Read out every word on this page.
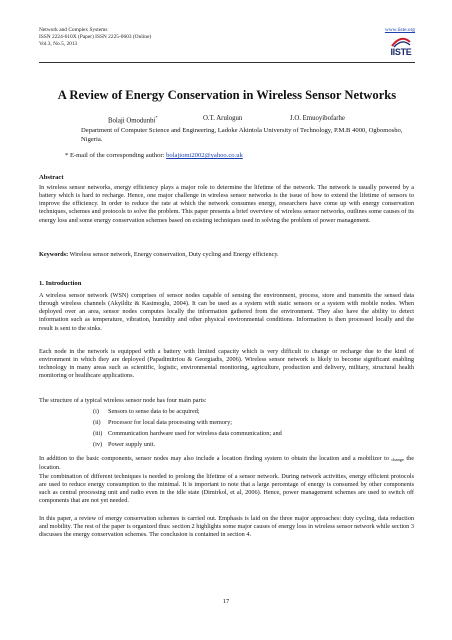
Network and Complex Systems
ISSN 2224-610X (Paper) ISSN 2225-0603 (Online)
Vol.3, No.5, 2013
www.iiste.org
IISTE
A Review of Energy Conservation in Wireless Sensor Networks
Bolaji Omodunbi*	O.T. Arulogun	J.O. Emuoyibofarhe
Department of Computer Science and Engineering, Ladoke Akintola University of Technology, P.M.B 4000, Ogbomosho, Nigeria.
* E-mail of the corresponding author: bolajiomi2002@yahoo.co.uk
Abstract
In wireless sensor networks, energy efficiency plays a major role to determine the lifetime of the network. The network is usually powered by a battery which is hard to recharge. Hence, one major challenge in wireless sensor networks is the issue of how to extend the lifetime of sensors to improve the efficiency. In order to reduce the rate at which the network consumes energy, researchers have come up with energy conservation techniques, schemes and protocols to solve the problem. This paper presents a brief overview of wireless sensor networks, outlines some causes of its energy loss and some energy conservation schemes based on existing techniques used in solving the problem of power management.
Keywords: Wireless sensor network, Energy conservation, Duty cycling and Energy efficiency.
1. Introduction
A wireless sensor network (WSN) comprises of sensor nodes capable of sensing the environment, process, store and transmits the sensed data through wireless channels (Akyildiz & Kasimoglu, 2004). It can be used as a system with static sensors or a system with mobile nodes. When deployed over an area, sensor nodes computes locally the information gathered from the environment. They also have the ability to detect information such as temperature, vibration, humidity and other physical environmental conditions. Information is then processed locally and the result is sent to the sinks.
Each node in the network is equipped with a battery with limited capacity which is very difficult to change or recharge due to the kind of environment in which they are deployed (Papadimitriou & Georgiadis, 2006). Wireless sensor network is likely to become significant enabling technology in many areas such as scientific, logistic, environmental monitoring, agriculture, production and delivery, military, structural health monitoring or healthcare applications.
The structure of a typical wireless sensor node has four main parts:
(i) Sensors to sense data to be acquired;
(ii) Processor for local data processing with memory;
(iii) Communication hardware used for wireless data communication; and
(iv) Power supply unit.
In addition to the basic components, sensor nodes may also include a location finding system to obtain the location and a mobilizer to $_{change}$ the location.
The combination of different techniques is needed to prolong the lifetime of a sensor network. During network activities, energy efficient protocols are used to reduce energy consumption to the minimal. It is important to note that a large percentage of energy is consumed by other components such as central processing unit and radio even in the idle state (Dimirkol, et al, 2006). Hence, power management schemes are used to switch off components that are not yet needed.
In this paper, a review of energy conservation schemes is carried out. Emphasis is laid on the three major approaches: duty cycling, data reduction and mobility. The rest of the paper is organized thus: section 2 highlights some major causes of energy loss in wireless sensor network while section 3 discusses the energy conservation schemes. The conclusion is contained in section 4.
17
